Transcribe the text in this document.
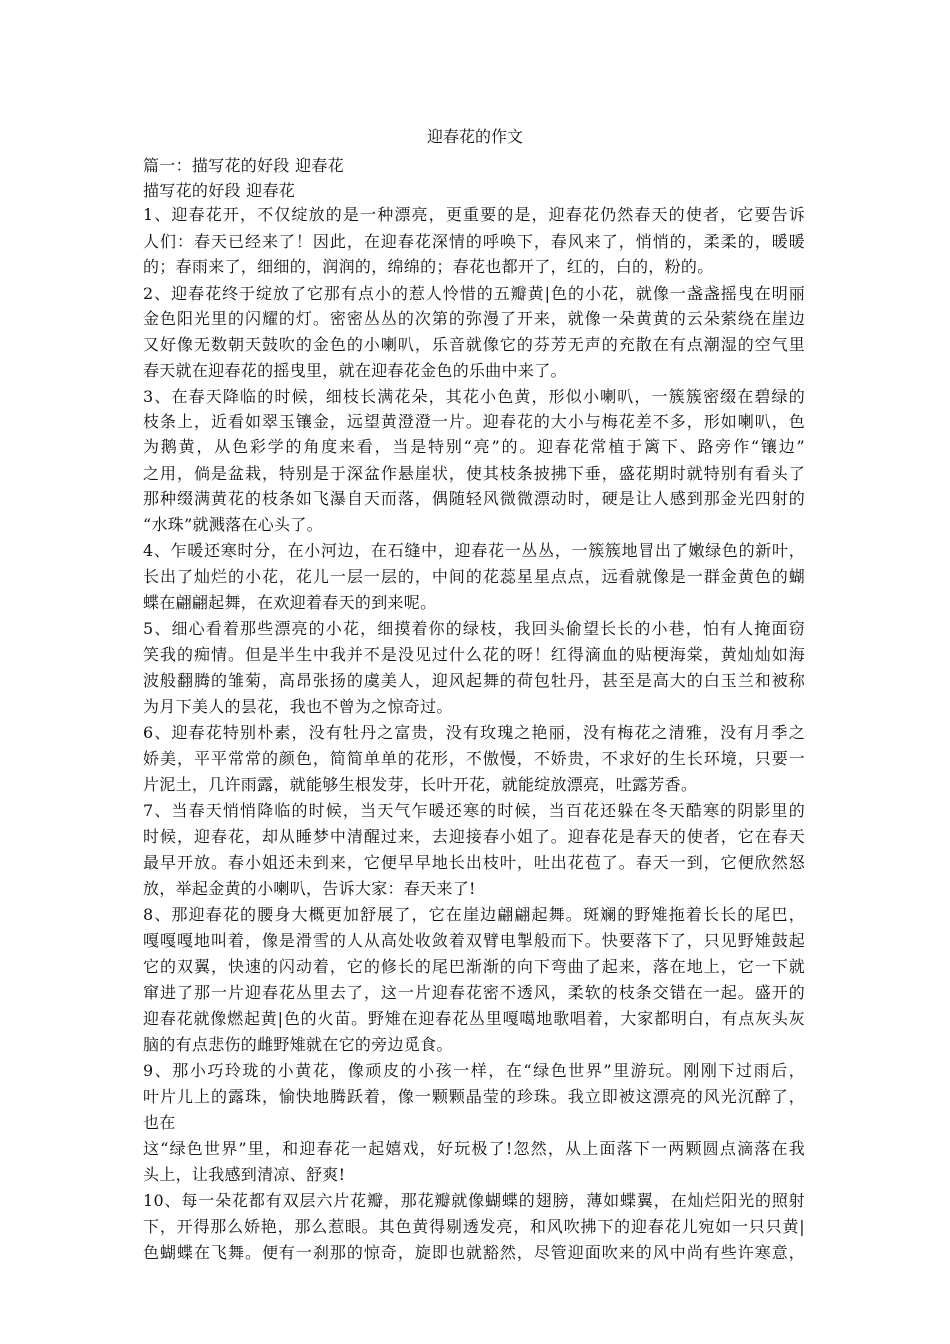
迎春花的作文
篇一：描写花的好段 迎春花
描写花的好段 迎春花
1、迎春花开，不仅绽放的是一种漂亮，更重要的是，迎春花仍然春天的使者，它要告诉
人们：春天已经来了！因此，在迎春花深情的呼唤下，春风来了，悄悄的，柔柔的，暖暖
的；春雨来了，细细的，润润的，绵绵的；春花也都开了，红的，白的，粉的。
2、迎春花终于绽放了它那有点小的惹人怜惜的五瓣黄|色的小花，就像一盏盏摇曳在明丽
金色阳光里的闪耀的灯。密密丛丛的次第的弥漫了开来，就像一朵黄黄的云朵萦绕在崖边
又好像无数朝天鼓吹的金色的小喇叭，乐音就像它的芬芳无声的充散在有点潮湿的空气里
春天就在迎春花的摇曳里，就在迎春花金色的乐曲中来了。
3、在春天降临的时候，细枝长满花朵，其花小色黄，形似小喇叭，一簇簇密缀在碧绿的
枝条上，近看如翠玉镶金，远望黄澄澄一片。迎春花的大小与梅花差不多，形如喇叭，色
为鹅黄，从色彩学的角度来看，当是特别“亮”的。迎春花常植于篱下、路旁作“镶边”
之用，倘是盆栽，特别是于深盆作悬崖状，使其枝条披拂下垂，盛花期时就特别有看头了
那种缀满黄花的枝条如飞瀑自天而落，偶随轻风微微漂动时，硬是让人感到那金光四射的
“水珠”就溅落在心头了。
4、乍暖还寒时分，在小河边，在石缝中，迎春花一丛丛，一簇簇地冒出了嫩绿色的新叶，
长出了灿烂的小花，花儿一层一层的，中间的花蕊星星点点，远看就像是一群金黄色的蝴
蝶在翩翩起舞，在欢迎着春天的到来呢。
5、细心看着那些漂亮的小花，细摸着你的绿枝，我回头偷望长长的小巷，怕有人掩面窃
笑我的痴情。但是半生中我并不是没见过什么花的呀！红得滴血的贴梗海棠，黄灿灿如海
波般翻腾的雏菊，高昂张扬的虞美人，迎风起舞的荷包牡丹，甚至是高大的白玉兰和被称
为月下美人的昙花，我也不曾为之惊奇过。
6、迎春花特别朴素，没有牡丹之富贵，没有玫瑰之艳丽，没有梅花之清雅，没有月季之
娇美，平平常常的颜色，简简单单的花形，不傲慢，不娇贵，不求好的生长环境，只要一
片泥土，几许雨露，就能够生根发芽，长叶开花，就能绽放漂亮，吐露芳香。
7、当春天悄悄降临的时候，当天气乍暖还寒的时候，当百花还躲在冬天酷寒的阴影里的
时候，迎春花，却从睡梦中清醒过来，去迎接春小姐了。迎春花是春天的使者，它在春天
最早开放。春小姐还未到来，它便早早地长出枝叶，吐出花苞了。春天一到，它便欣然怒
放，举起金黄的小喇叭，告诉大家：春天来了!
8、那迎春花的腰身大概更加舒展了，它在崖边翩翩起舞。斑斓的野雉拖着长长的尾巴，
嘎嘎嘎地叫着，像是滑雪的人从高处收敛着双臂电掣般而下。快要落下了，只见野雉鼓起
它的双翼，快速的闪动着，它的修长的尾巴渐渐的向下弯曲了起来，落在地上，它一下就
窜进了那一片迎春花丛里去了，这一片迎春花密不透风，柔软的枝条交错在一起。盛开的
迎春花就像燃起黄|色的火苗。野雉在迎春花丛里嘎噶地歌唱着，大家都明白，有点灰头灰
脑的有点悲伤的雌野雉就在它的旁边觅食。
9、那小巧玲珑的小黄花，像顽皮的小孩一样，在“绿色世界”里游玩。刚刚下过雨后，
叶片儿上的露珠，愉快地腾跃着，像一颗颗晶莹的珍珠。我立即被这漂亮的风光沉醉了，
也在
这“绿色世界”里，和迎春花一起嬉戏，好玩极了!忽然，从上面落下一两颗圆点滴落在我
头上，让我感到清凉、舒爽!
10、每一朵花都有双层六片花瓣，那花瓣就像蝴蝶的翅膀，薄如蝶翼，在灿烂阳光的照射
下，开得那么娇艳，那么惹眼。其色黄得剔透发亮，和风吹拂下的迎春花儿宛如一只只黄|
色蝴蝶在飞舞。便有一刹那的惊奇，旋即也就豁然，尽管迎面吹来的风中尚有些许寒意，
